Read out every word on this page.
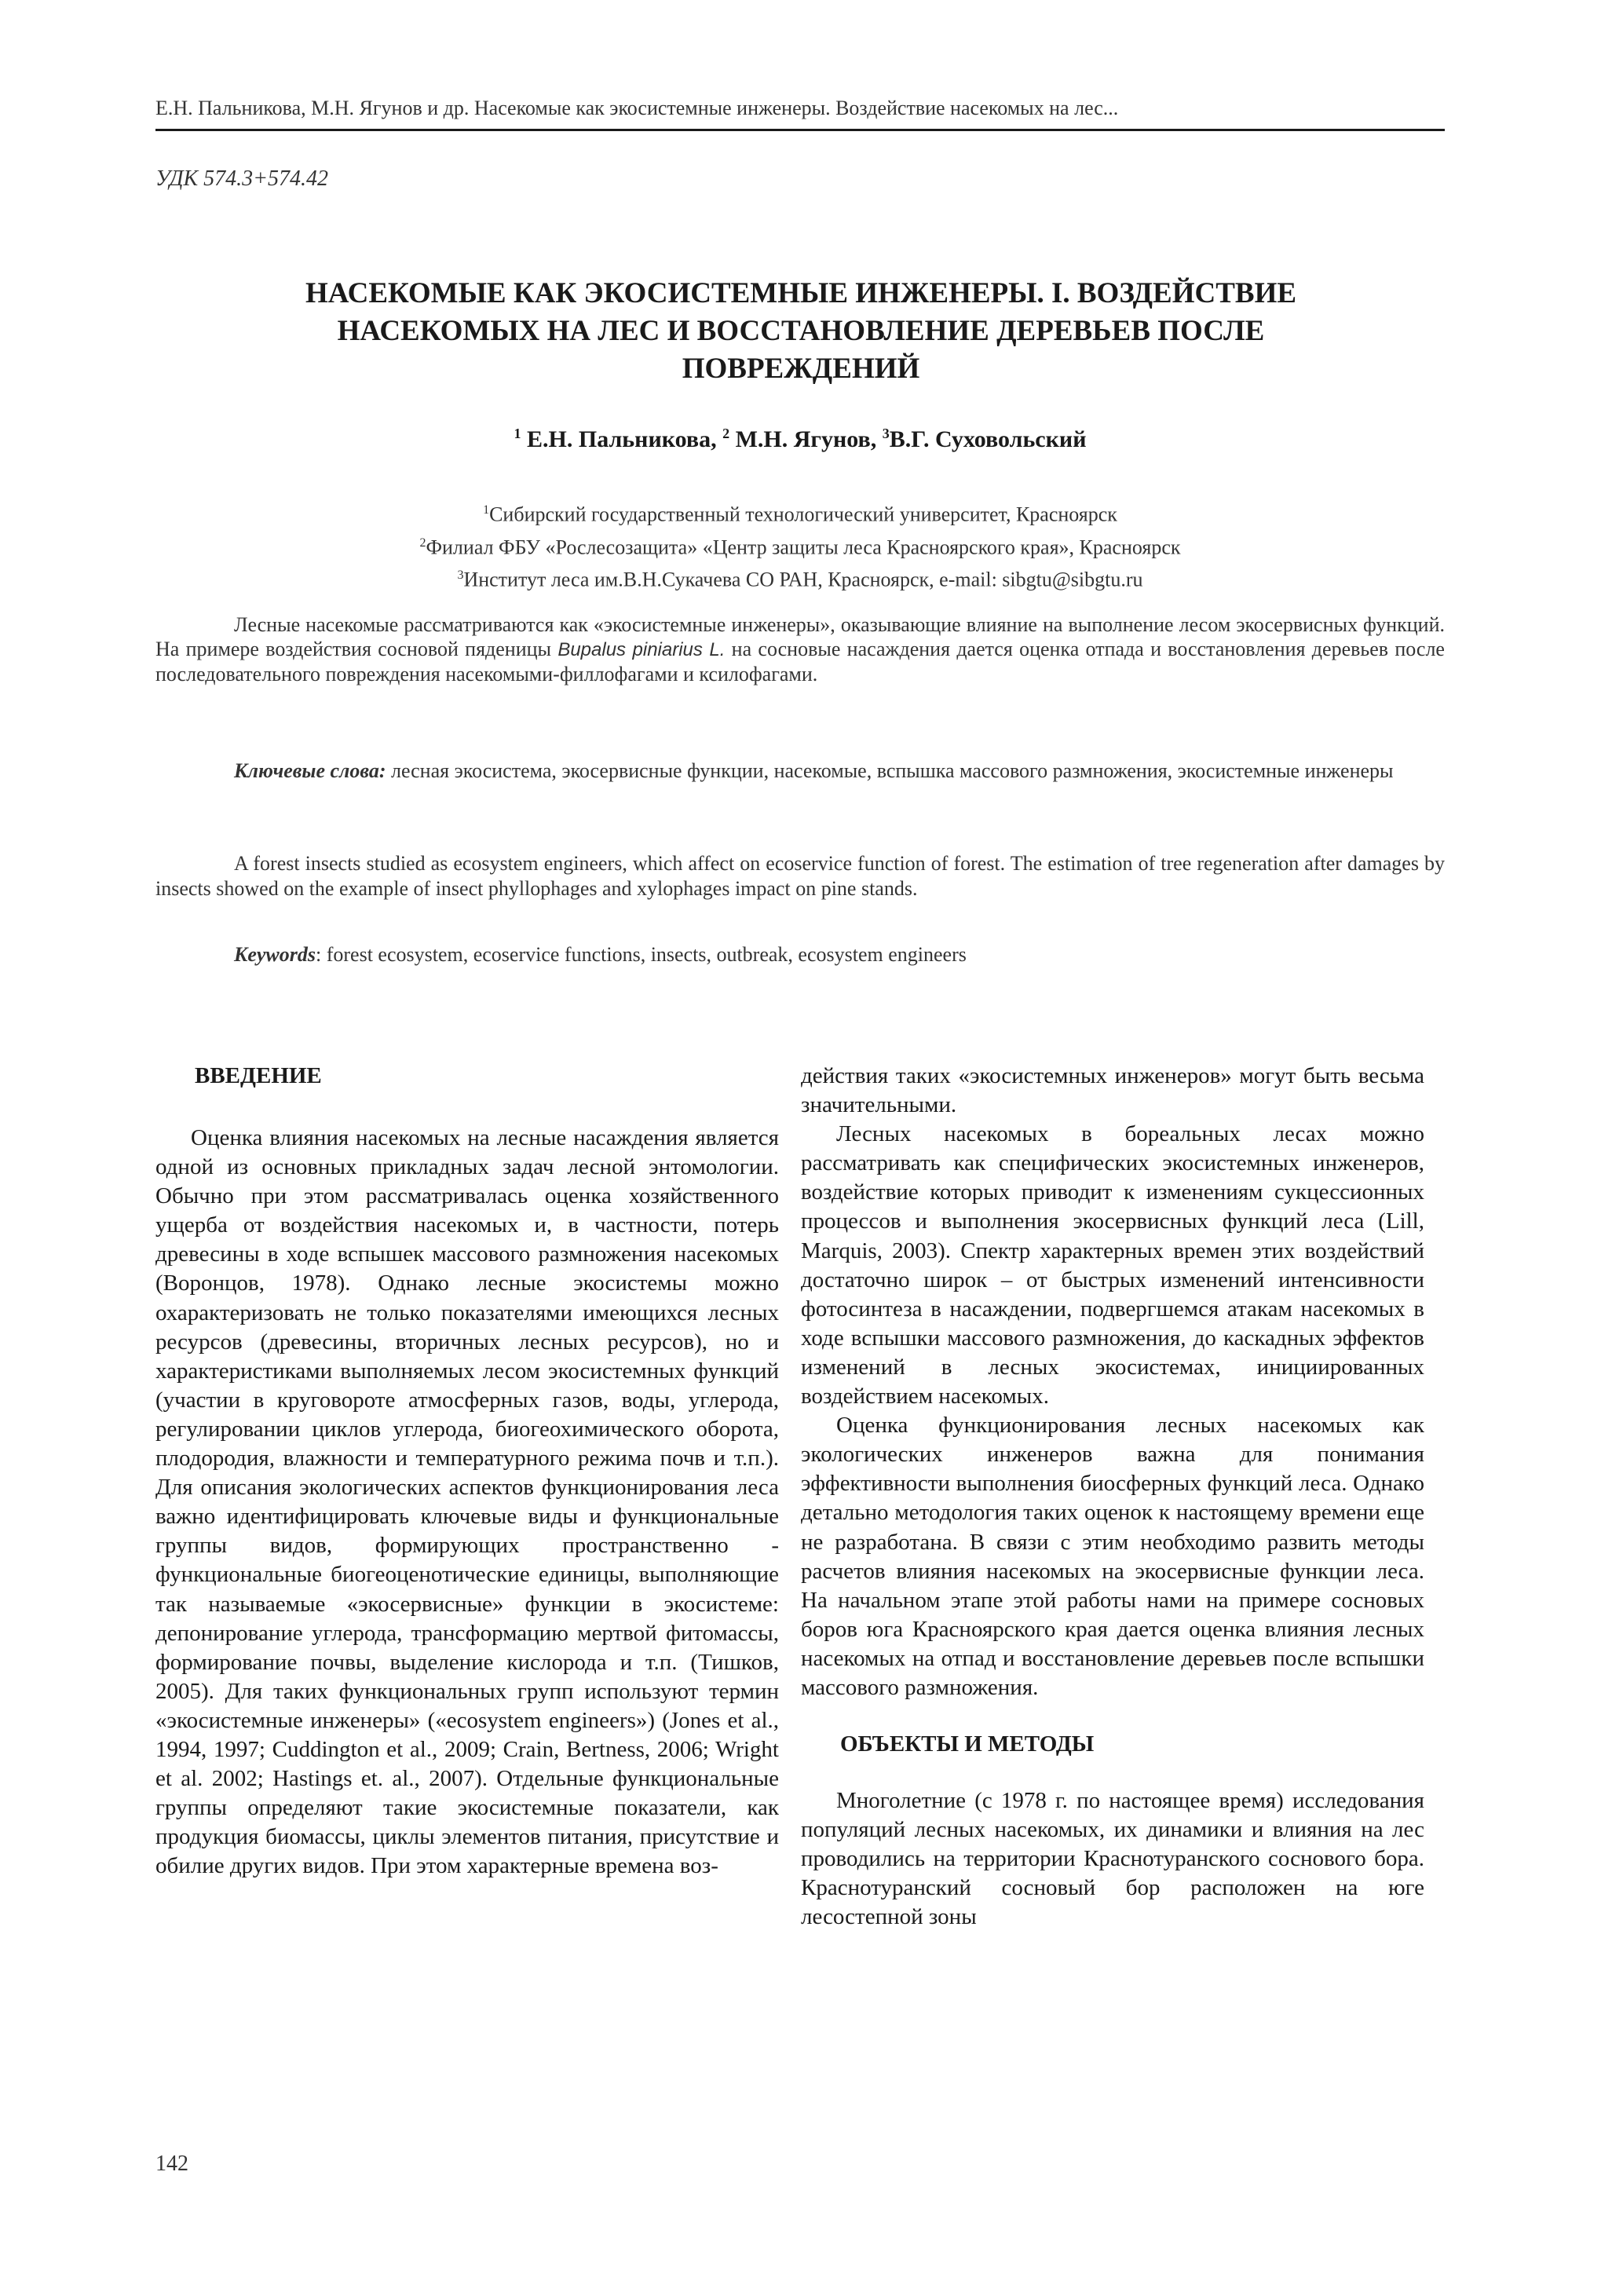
Е.Н. Пальникова, М.Н. Ягунов и др. Насекомые как экосистемные инженеры. Воздействие насекомых на лес...
УДК 574.3+574.42
НАСЕКОМЫЕ КАК ЭКОСИСТЕМНЫЕ ИНЖЕНЕРЫ. I. ВОЗДЕЙСТВИЕ
НАСЕКОМЫХ НА ЛЕС И ВОССТАНОВЛЕНИЕ ДЕРЕВЬЕВ ПОСЛЕ
ПОВРЕЖДЕНИЙ
$^1$ Е.Н. Пальникова, $^2$ М.Н. Ягунов, $^3$В.Г. Суховольский
$^1$Сибирский государственный технологический университет, Красноярск
$^2$Филиал ФБУ «Рослесозащита» «Центр защиты леса Красноярского края», Красноярск
$^3$Институт леса им.В.Н.Сукачева СО РАН, Красноярск, e-mail: sibgtu@sibgtu.ru
Лесные насекомые рассматриваются как «экосистемные инженеры», оказывающие влияние на выполнение лесом экосервисных функций. На примере воздействия сосновой пяденицы Bupalus piniarius L. на сосновые насаждения дается оценка отпада и восстановления деревьев после последовательного повреждения насекомыми-филлофагами и ксилофагами.
Ключевые слова: лесная экосистема, экосервисные функции, насекомые, вспышка массового размножения, экосистемные инженеры
A forest insects studied as ecosystem engineers, which affect on ecoservice function of forest. The estimation of tree regeneration after damages by insects showed on the example of insect phyllophages and xylophages impact on pine stands.
Keywords: forest ecosystem, ecoservice functions, insects, outbreak, ecosystem engineers
ВВЕДЕНИЕ

Оценка влияния насекомых на лесные насаждения является одной из основных прикладных задач лесной энтомологии. Обычно при этом рассматривалась оценка хозяйственного ущерба от воздействия насекомых и, в частности, потерь древесины в ходе вспышек массового размножения насекомых (Воронцов, 1978). Однако лесные экосистемы можно охарактеризовать не только показателями имеющихся лесных ресурсов (древесины, вторичных лесных ресурсов), но и характеристиками выполняемых лесом экосистемных функций (участии в круговороте атмосферных газов, воды, углерода, регулировании циклов углерода, биогеохимического оборота, плодородия, влажности и температурного режима почв и т.п.). Для описания экологических аспектов функционирования леса важно идентифицировать ключевые виды и функциональные группы видов, формирующих пространственно - функциональные биогеоценотические единицы, выполняющие так называемые «экосервисные» функции в экосистеме: депонирование углерода, трансформацию мертвой фитомассы, формирование почвы, выделение кислорода и т.п. (Тишков, 2005). Для таких функциональных групп используют термин «экосистемные инженеры» («ecosystem engineers») (Jones et al., 1994, 1997; Cuddington et al., 2009; Crain, Bertness, 2006; Wright et al. 2002; Hastings et. al., 2007). Отдельные функциональные группы определяют такие экосистемные показатели, как продукция биомассы, циклы элементов питания, присутствие и обилие других видов. При этом характерные времена воз-

действия таких «экосистемных инженеров» могут быть весьма значительными.

Лесных насекомых в бореальных лесах можно рассматривать как специфических экосистемных инженеров, воздействие которых приводит к изменениям сукцессионных процессов и выполнения экосервисных функций леса (Lill, Marquis, 2003). Спектр характерных времен этих воздействий достаточно широк – от быстрых изменений интенсивности фотосинтеза в насаждении, подвергшемся атакам насекомых в ходе вспышки массового размножения, до каскадных эффектов изменений в лесных экосистемах, инициированных воздействием насекомых.

Оценка функционирования лесных насекомых как экологических инженеров важна для понимания эффективности выполнения биосферных функций леса. Однако детально методология таких оценок к настоящему времени еще не разработана. В связи с этим необходимо развить методы расчетов влияния насекомых на экосервисные функции леса. На начальном этапе этой работы нами на примере сосновых боров юга Красноярского края дается оценка влияния лесных насекомых на отпад и восстановление деревьев после вспышки массового размножения.

ОБЪЕКТЫ И МЕТОДЫ

Многолетние (с 1978 г. по настоящее время) исследования популяций лесных насекомых, их динамики и влияния на лес проводились на территории Краснотуранского соснового бора. Краснотуранский сосновый бор расположен на юге лесостепной зоны

142
